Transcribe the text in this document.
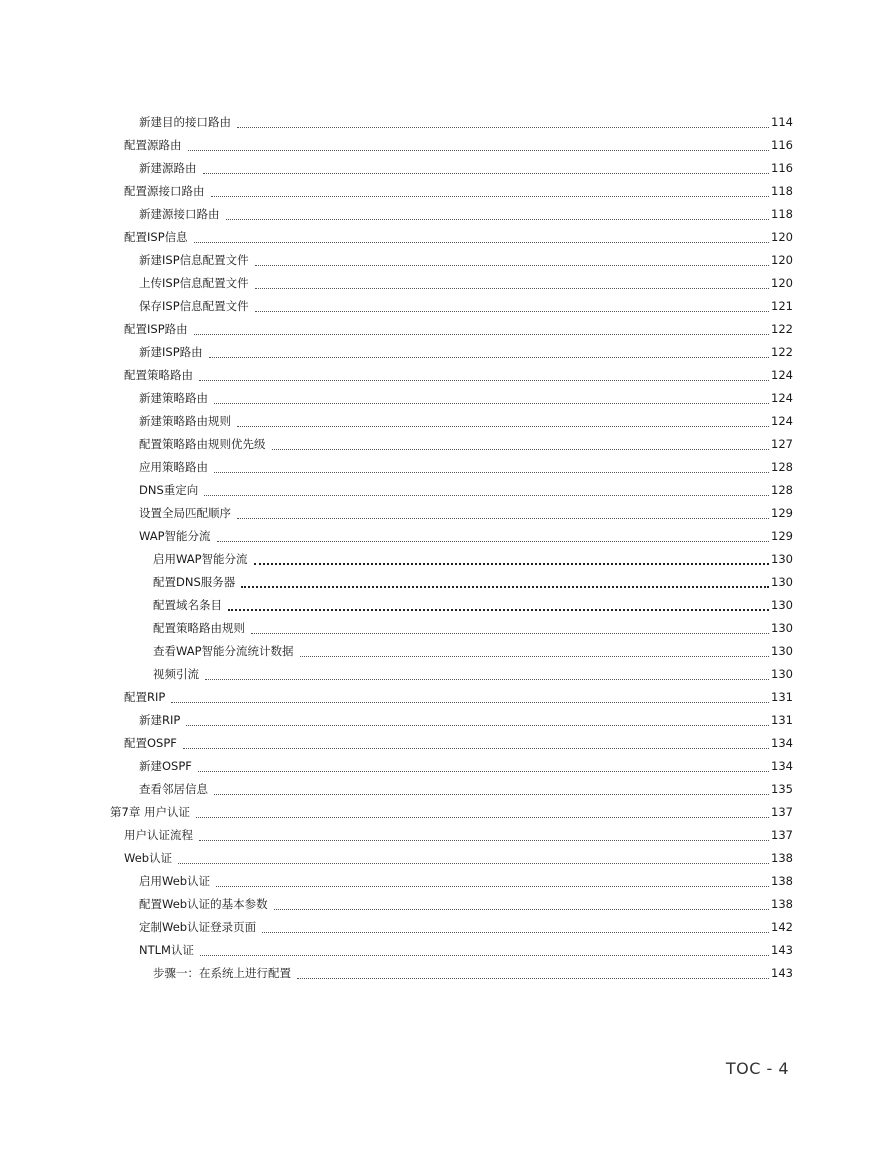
新建目的接口路由	114
配置源路由	116
新建源路由	116
配置源接口路由	118
新建源接口路由	118
配置ISP信息	120
新建ISP信息配置文件	120
上传ISP信息配置文件	120
保存ISP信息配置文件	121
配置ISP路由	122
新建ISP路由	122
配置策略路由	124
新建策略路由	124
新建策略路由规则	124
配置策略路由规则优先级	127
应用策略路由	128
DNS重定向	128
设置全局匹配顺序	129
WAP智能分流	129
启用WAP智能分流	130
配置DNS服务器	130
配置域名条目	130
配置策略路由规则	130
查看WAP智能分流统计数据	130
视频引流	130
配置RIP	131
新建RIP	131
配置OSPF	134
新建OSPF	134
查看邻居信息	135
第7章 用户认证	137
用户认证流程	137
Web认证	138
启用Web认证	138
配置Web认证的基本参数	138
定制Web认证登录页面	142
NTLM认证	143
步骤一：在系统上进行配置	143
TOC - 4
